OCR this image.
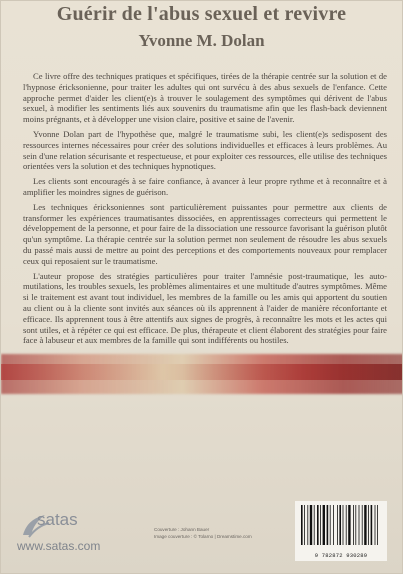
Guérir de l'abus sexuel et revivre
Yvonne M. Dolan

Ce livre offre des techniques pratiques et spécifiques, tirées de la thérapie centrée sur la solution et de l'hypnose éricksonienne, pour traiter les adultes qui ont survécu à des abus sexuels de l'enfance. Cette approche permet d'aider les client(e)s à trouver le soulagement des symptômes qui dérivent de l'abus sexuel, à modifier les sentiments liés aux souvenirs du traumatisme afin que les flash-back deviennent moins prégnants, et à développer une vision claire, positive et saine de l'avenir.

Yvonne Dolan part de l'hypothèse que, malgré le traumatisme subi, les client(e)s sedisposent des ressources internes nécessaires pour créer des solutions individuelles et efficaces à leurs problèmes. Au sein d'une relation sécurisante et respectueuse, et pour exploiter ces ressources, elle utilise des techniques orientées vers la solution et des techniques hypnotiques.

Les clients sont encouragés à se faire confiance, à avancer à leur propre rythme et à reconnaître et à amplifier les moindres signes de guérison.

Les techniques éricksoniennes sont particulièrement puissantes pour permettre aux clients de transformer les expériences traumatisantes dissociées, en apprentissages correcteurs qui permettent le développement de la personne, et pour faire de la dissociation une ressource favorisant la guérison plutôt qu'un symptôme. La thérapie centrée sur la solution permet non seulement de résoudre les abus sexuels du passé mais aussi de mettre au point des perceptions et des comportements nouveaux pour remplacer ceux qui reposaient sur le traumatisme.

L'auteur propose des stratégies particulières pour traiter l'amnésie post-traumatique, les auto-mutilations, les troubles sexuels, les problèmes alimentaires et une multitude d'autres symptômes. Même si le traitement est avant tout individuel, les membres de la famille ou les amis qui apportent du soutien au client ou à la cliente sont invités aux séances où ils apprennent à l'aider de manière réconfortante et efficace. Ils apprennent tous à être attentifs aux signes de progrès, à reconnaître les mots et les actes qui sont utiles, et à répéter ce qui est efficace. De plus, thérapeute et client élaborent des stratégies pour faire face à labuseur et aux membres de la famille qui sont indifférents ou hostiles.

satas
www.satas.com
Couverture : Johann Bauer
Image couverture : © Tolarno | Dreamstime.com
9 782872 930289
